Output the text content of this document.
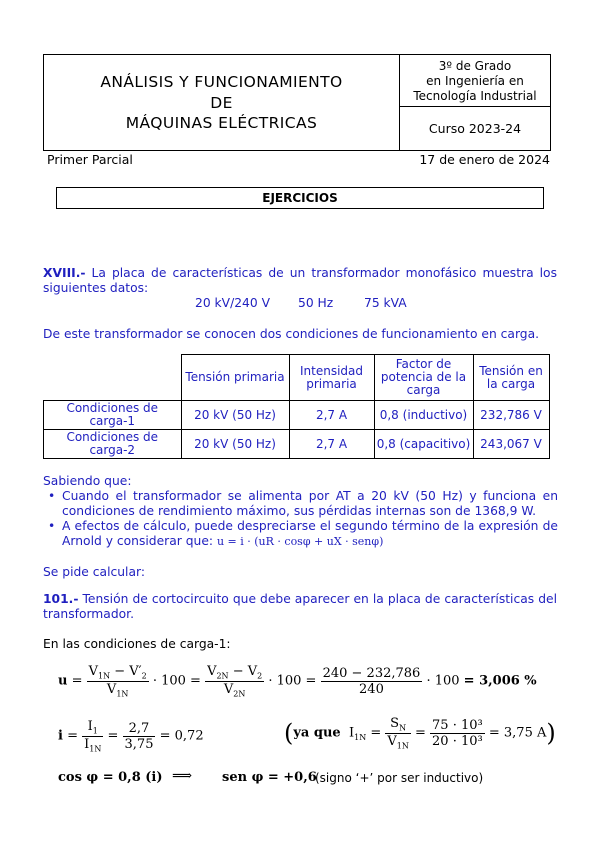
ANÁLISIS Y FUNCIONAMIENTO
DE
MÁQUINAS ELÉCTRICAS
3º de Grado
en Ingeniería en
Tecnología Industrial
Curso 2023-24
Primer Parcial	17 de enero de 2024
EJERCICIOS
XVIII.- La placa de características de un transformador monofásico muestra los siguientes datos:
20 kV/240 V 50 Hz 75 kVA
De este transformador se conocen dos condiciones de funcionamiento en carga.
	Tensión primaria	Intensidad primaria	Factor de potencia de la carga	Tensión en la carga
Condiciones de carga-1	20 kV (50 Hz)	2,7 A	0,8 (inductivo)	232,786 V
Condiciones de carga-2	20 kV (50 Hz)	2,7 A	0,8 (capacitivo)	243,067 V
Sabiendo que:
• Cuando el transformador se alimenta por AT a 20 kV (50 Hz) y funciona en condiciones de rendimiento máximo, sus pérdidas internas son de 1368,9 W.
• A efectos de cálculo, puede despreciarse el segundo término de la expresión de Arnold y considerar que: u = i · (uR · cosφ + uX · senφ)
Se pide calcular:
101.- Tensión de cortocircuito que debe aparecer en la placa de características del transformador.
En las condiciones de carga-1:
$u = \frac{V_{1N} - V'_2}{V_{1N}} \cdot 100 = \frac{V_{2N} - V_2}{V_{2N}} \cdot 100 = \frac{240 - 232,786}{240} \cdot 100 = 3,006$ %
$i = \frac{I_1}{I_{1N}} = \frac{2,7}{3,75} = 0,72$	(ya que  $I_{1N} = \frac{S_N}{V_{1N}} = \frac{\text{75 · 10³}}{\text{20 · 10³}} = 3,75$ A)
cos φ = 0,8 (i) ⟹ sen φ = +0,6
(signo ‘+’ por ser inductivo)
